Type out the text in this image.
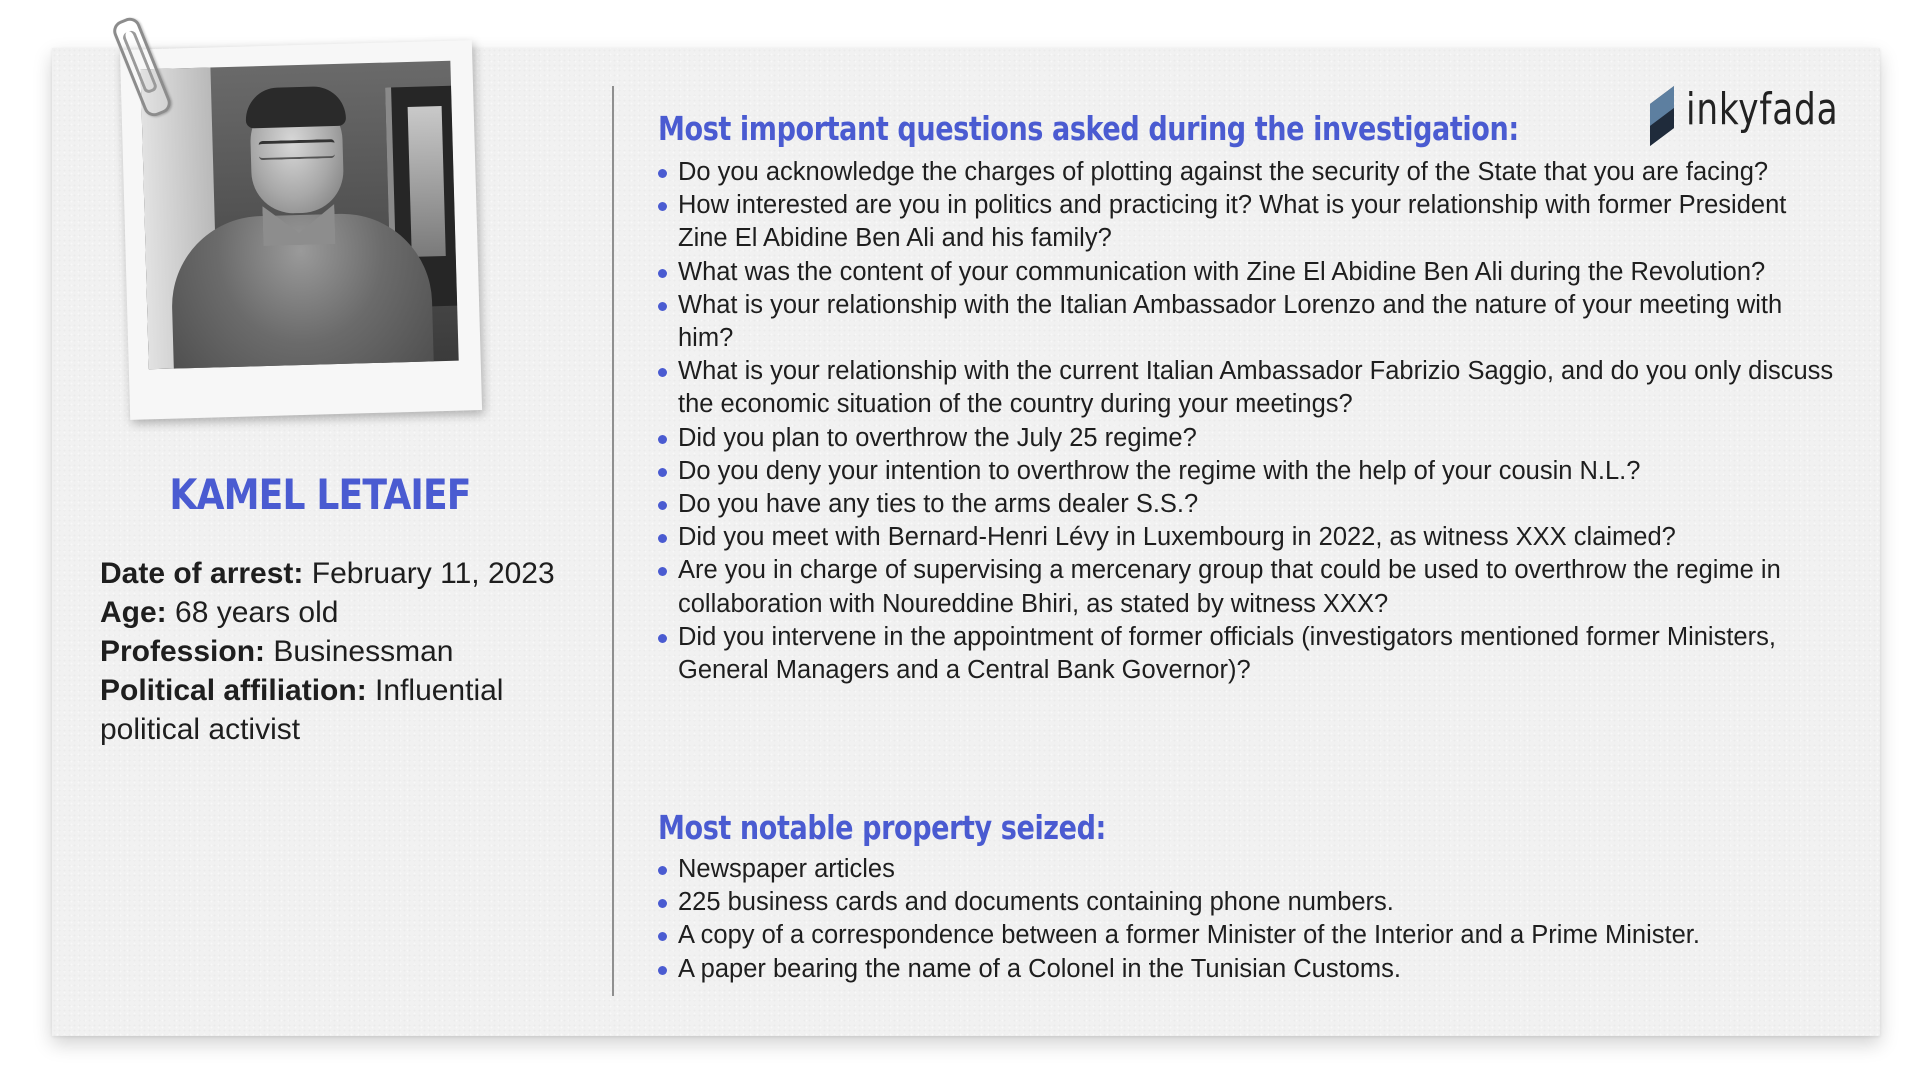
KAMEL LETAIEF
Date of arrest: February 11, 2023
Age: 68 years old
Profession: Businessman
Political affiliation: Influential political activist
Most important questions asked during the investigation:
Do you acknowledge the charges of plotting against the security of the State that you are facing?
How interested are you in politics and practicing it? What is your relationship with former President Zine El Abidine Ben Ali and his family?
What was the content of your communication with Zine El Abidine Ben Ali during the Revolution?
What is your relationship with the Italian Ambassador Lorenzo and the nature of your meeting with him?
What is your relationship with the current Italian Ambassador Fabrizio Saggio, and do you only discuss the economic situation of the country during your meetings?
Did you plan to overthrow the July 25 regime?
Do you deny your intention to overthrow the regime with the help of your cousin N.L.?
Do you have any ties to the arms dealer S.S.?
Did you meet with Bernard-Henri Lévy in Luxembourg in 2022, as witness XXX claimed?
Are you in charge of supervising a mercenary group that could be used to overthrow the regime in collaboration with Noureddine Bhiri, as stated by witness XXX?
Did you intervene in the appointment of former officials (investigators mentioned former Ministers, General Managers and a Central Bank Governor)?
Most notable property seized:
Newspaper articles
225 business cards and documents containing phone numbers.
A copy of a correspondence between a former Minister of the Interior and a Prime Minister.
A paper bearing the name of a Colonel in the Tunisian Customs.
inkyfada
